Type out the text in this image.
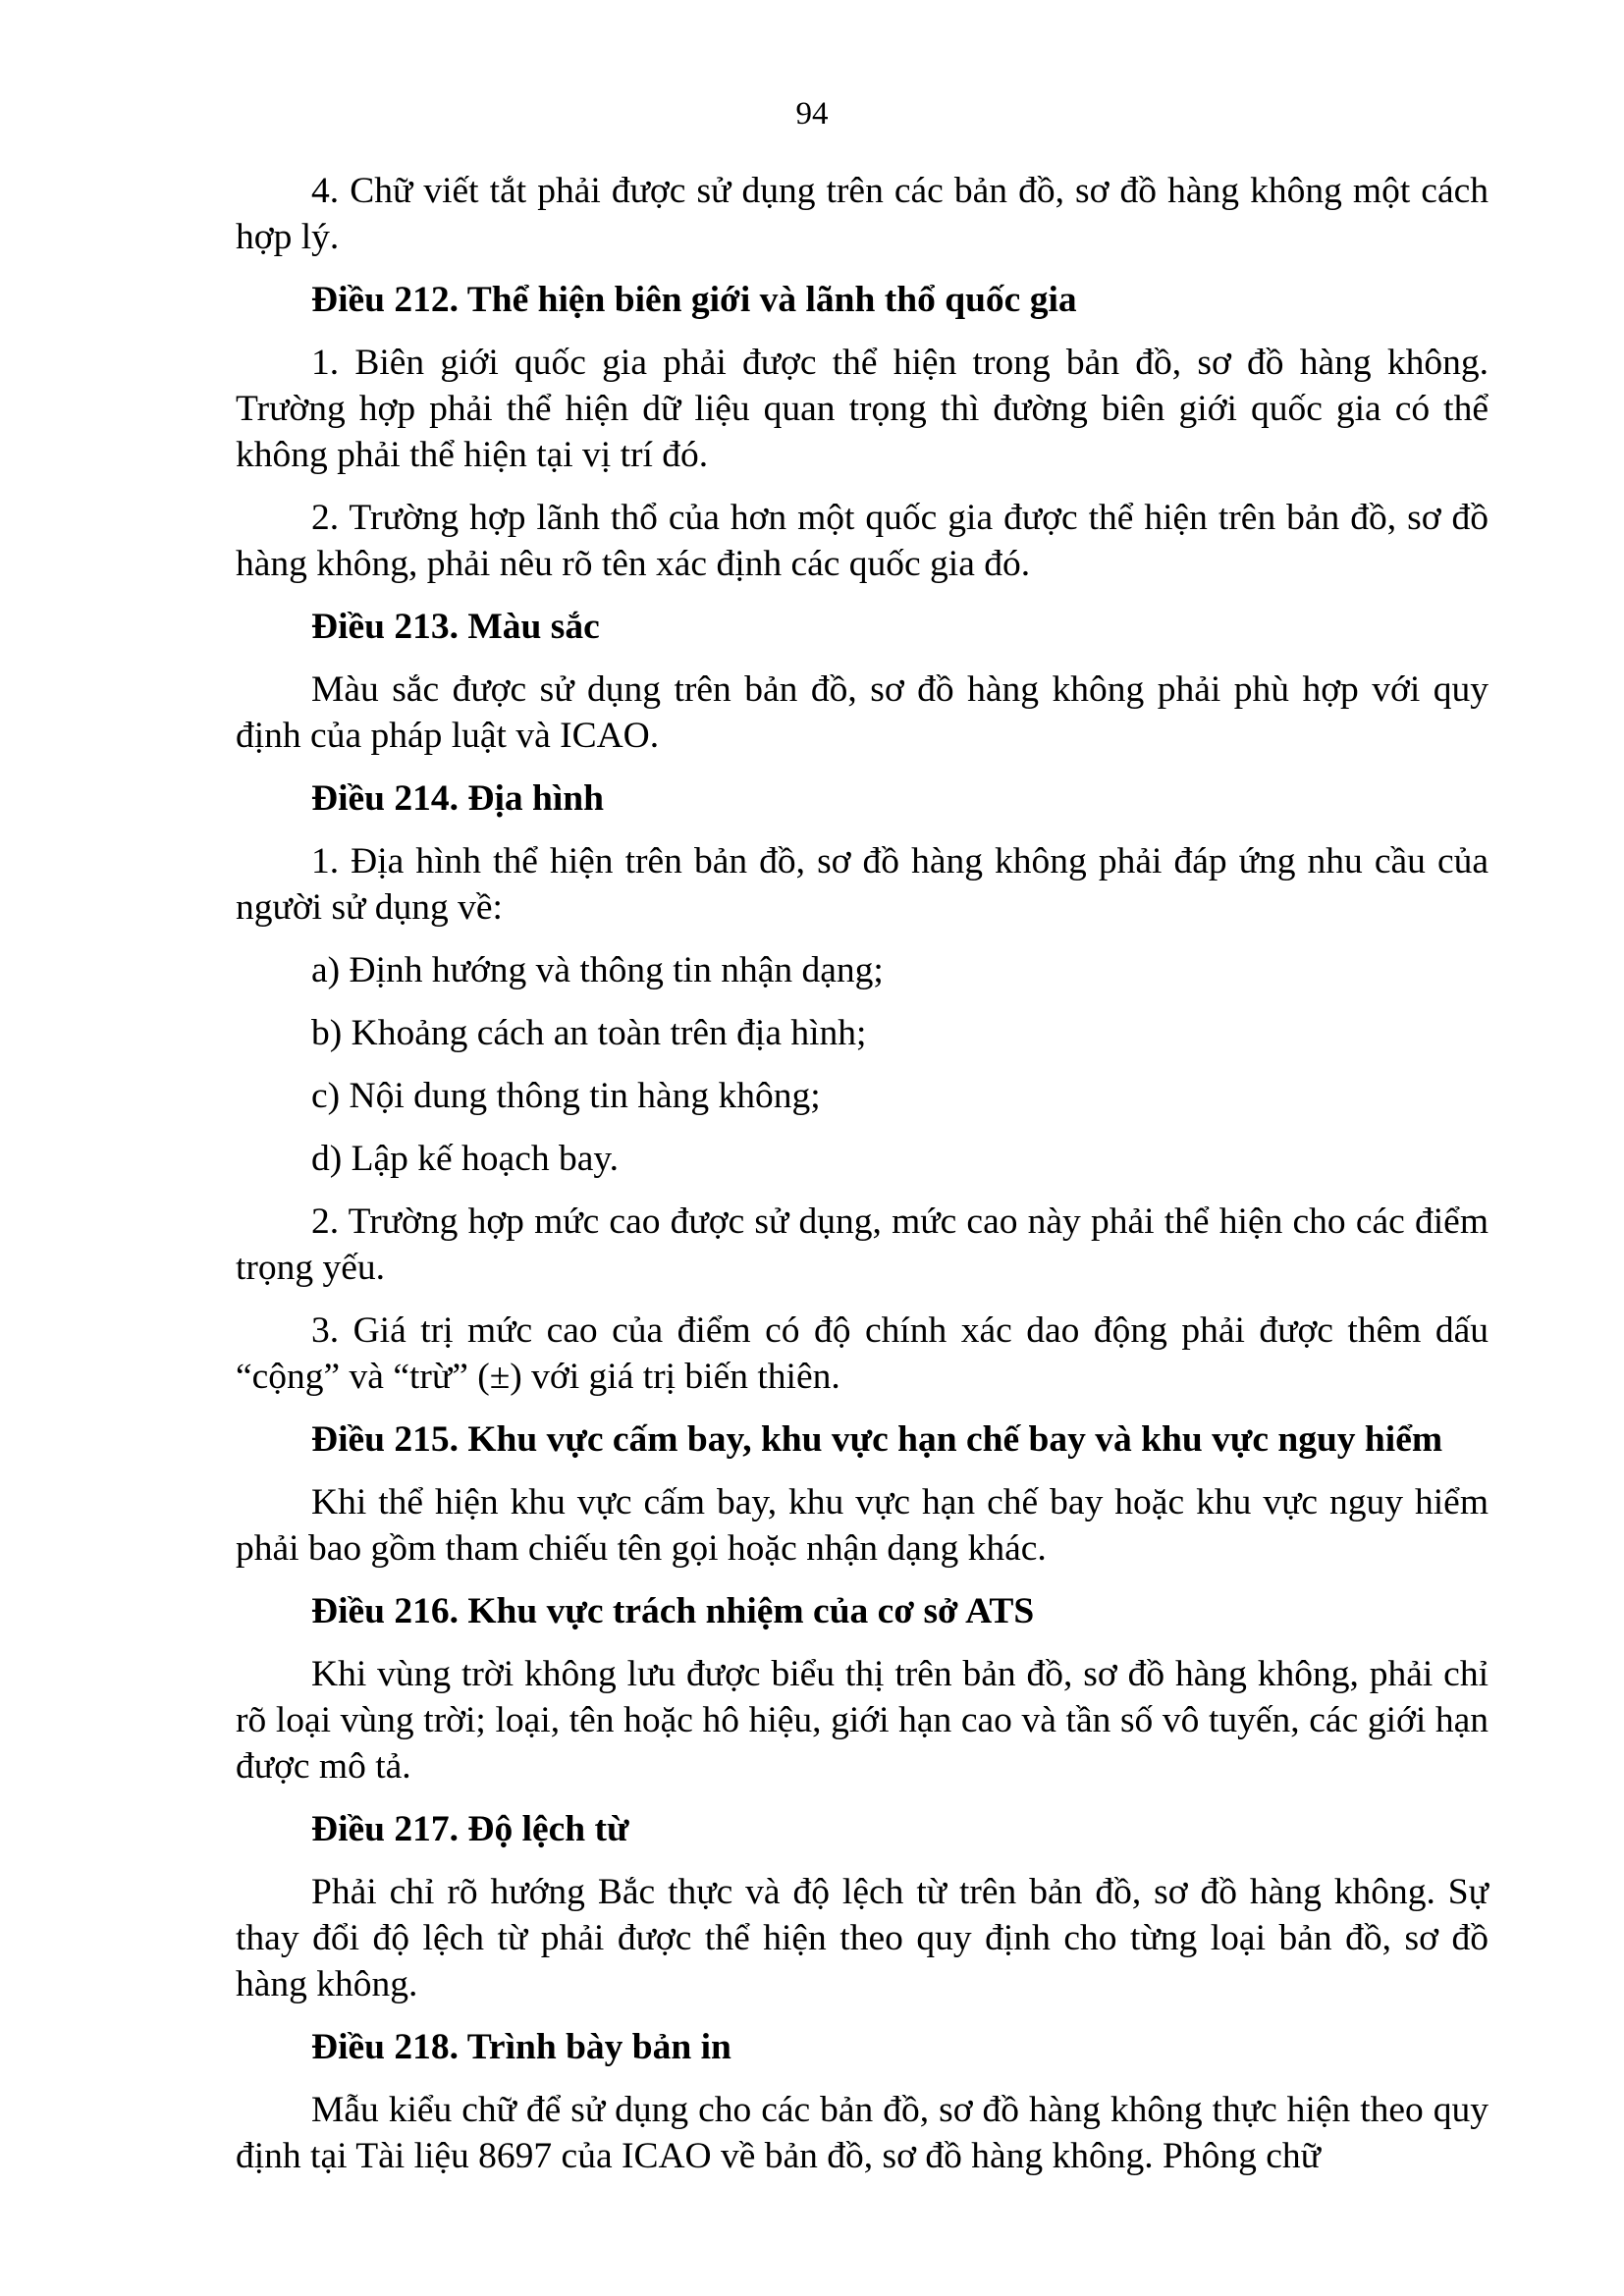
94

4. Chữ viết tắt phải được sử dụng trên các bản đồ, sơ đồ hàng không một cách hợp lý.

Điều 212. Thể hiện biên giới và lãnh thổ quốc gia

1. Biên giới quốc gia phải được thể hiện trong bản đồ, sơ đồ hàng không. Trường hợp phải thể hiện dữ liệu quan trọng thì đường biên giới quốc gia có thể không phải thể hiện tại vị trí đó.

2. Trường hợp lãnh thổ của hơn một quốc gia được thể hiện trên bản đồ, sơ đồ hàng không, phải nêu rõ tên xác định các quốc gia đó.

Điều 213. Màu sắc

Màu sắc được sử dụng trên bản đồ, sơ đồ hàng không phải phù hợp với quy định của pháp luật và ICAO.

Điều 214. Địa hình

1. Địa hình thể hiện trên bản đồ, sơ đồ hàng không phải đáp ứng nhu cầu của người sử dụng về:

a) Định hướng và thông tin nhận dạng;

b) Khoảng cách an toàn trên địa hình;

c) Nội dung thông tin hàng không;

d) Lập kế hoạch bay.

2. Trường hợp mức cao được sử dụng, mức cao này phải thể hiện cho các điểm trọng yếu.

3. Giá trị mức cao của điểm có độ chính xác dao động phải được thêm dấu “cộng” và “trừ” (±) với giá trị biến thiên.

Điều 215. Khu vực cấm bay, khu vực hạn chế bay và khu vực nguy hiểm

Khi thể hiện khu vực cấm bay, khu vực hạn chế bay hoặc khu vực nguy hiểm phải bao gồm tham chiếu tên gọi hoặc nhận dạng khác.

Điều 216. Khu vực trách nhiệm của cơ sở ATS

Khi vùng trời không lưu được biểu thị trên bản đồ, sơ đồ hàng không, phải chỉ rõ loại vùng trời; loại, tên hoặc hô hiệu, giới hạn cao và tần số vô tuyến, các giới hạn được mô tả.

Điều 217. Độ lệch từ

Phải chỉ rõ hướng Bắc thực và độ lệch từ trên bản đồ, sơ đồ hàng không. Sự thay đổi độ lệch từ phải được thể hiện theo quy định cho từng loại bản đồ, sơ đồ hàng không.

Điều 218. Trình bày bản in

Mẫu kiểu chữ để sử dụng cho các bản đồ, sơ đồ hàng không thực hiện theo quy định tại Tài liệu 8697 của ICAO về bản đồ, sơ đồ hàng không. Phông chữ
